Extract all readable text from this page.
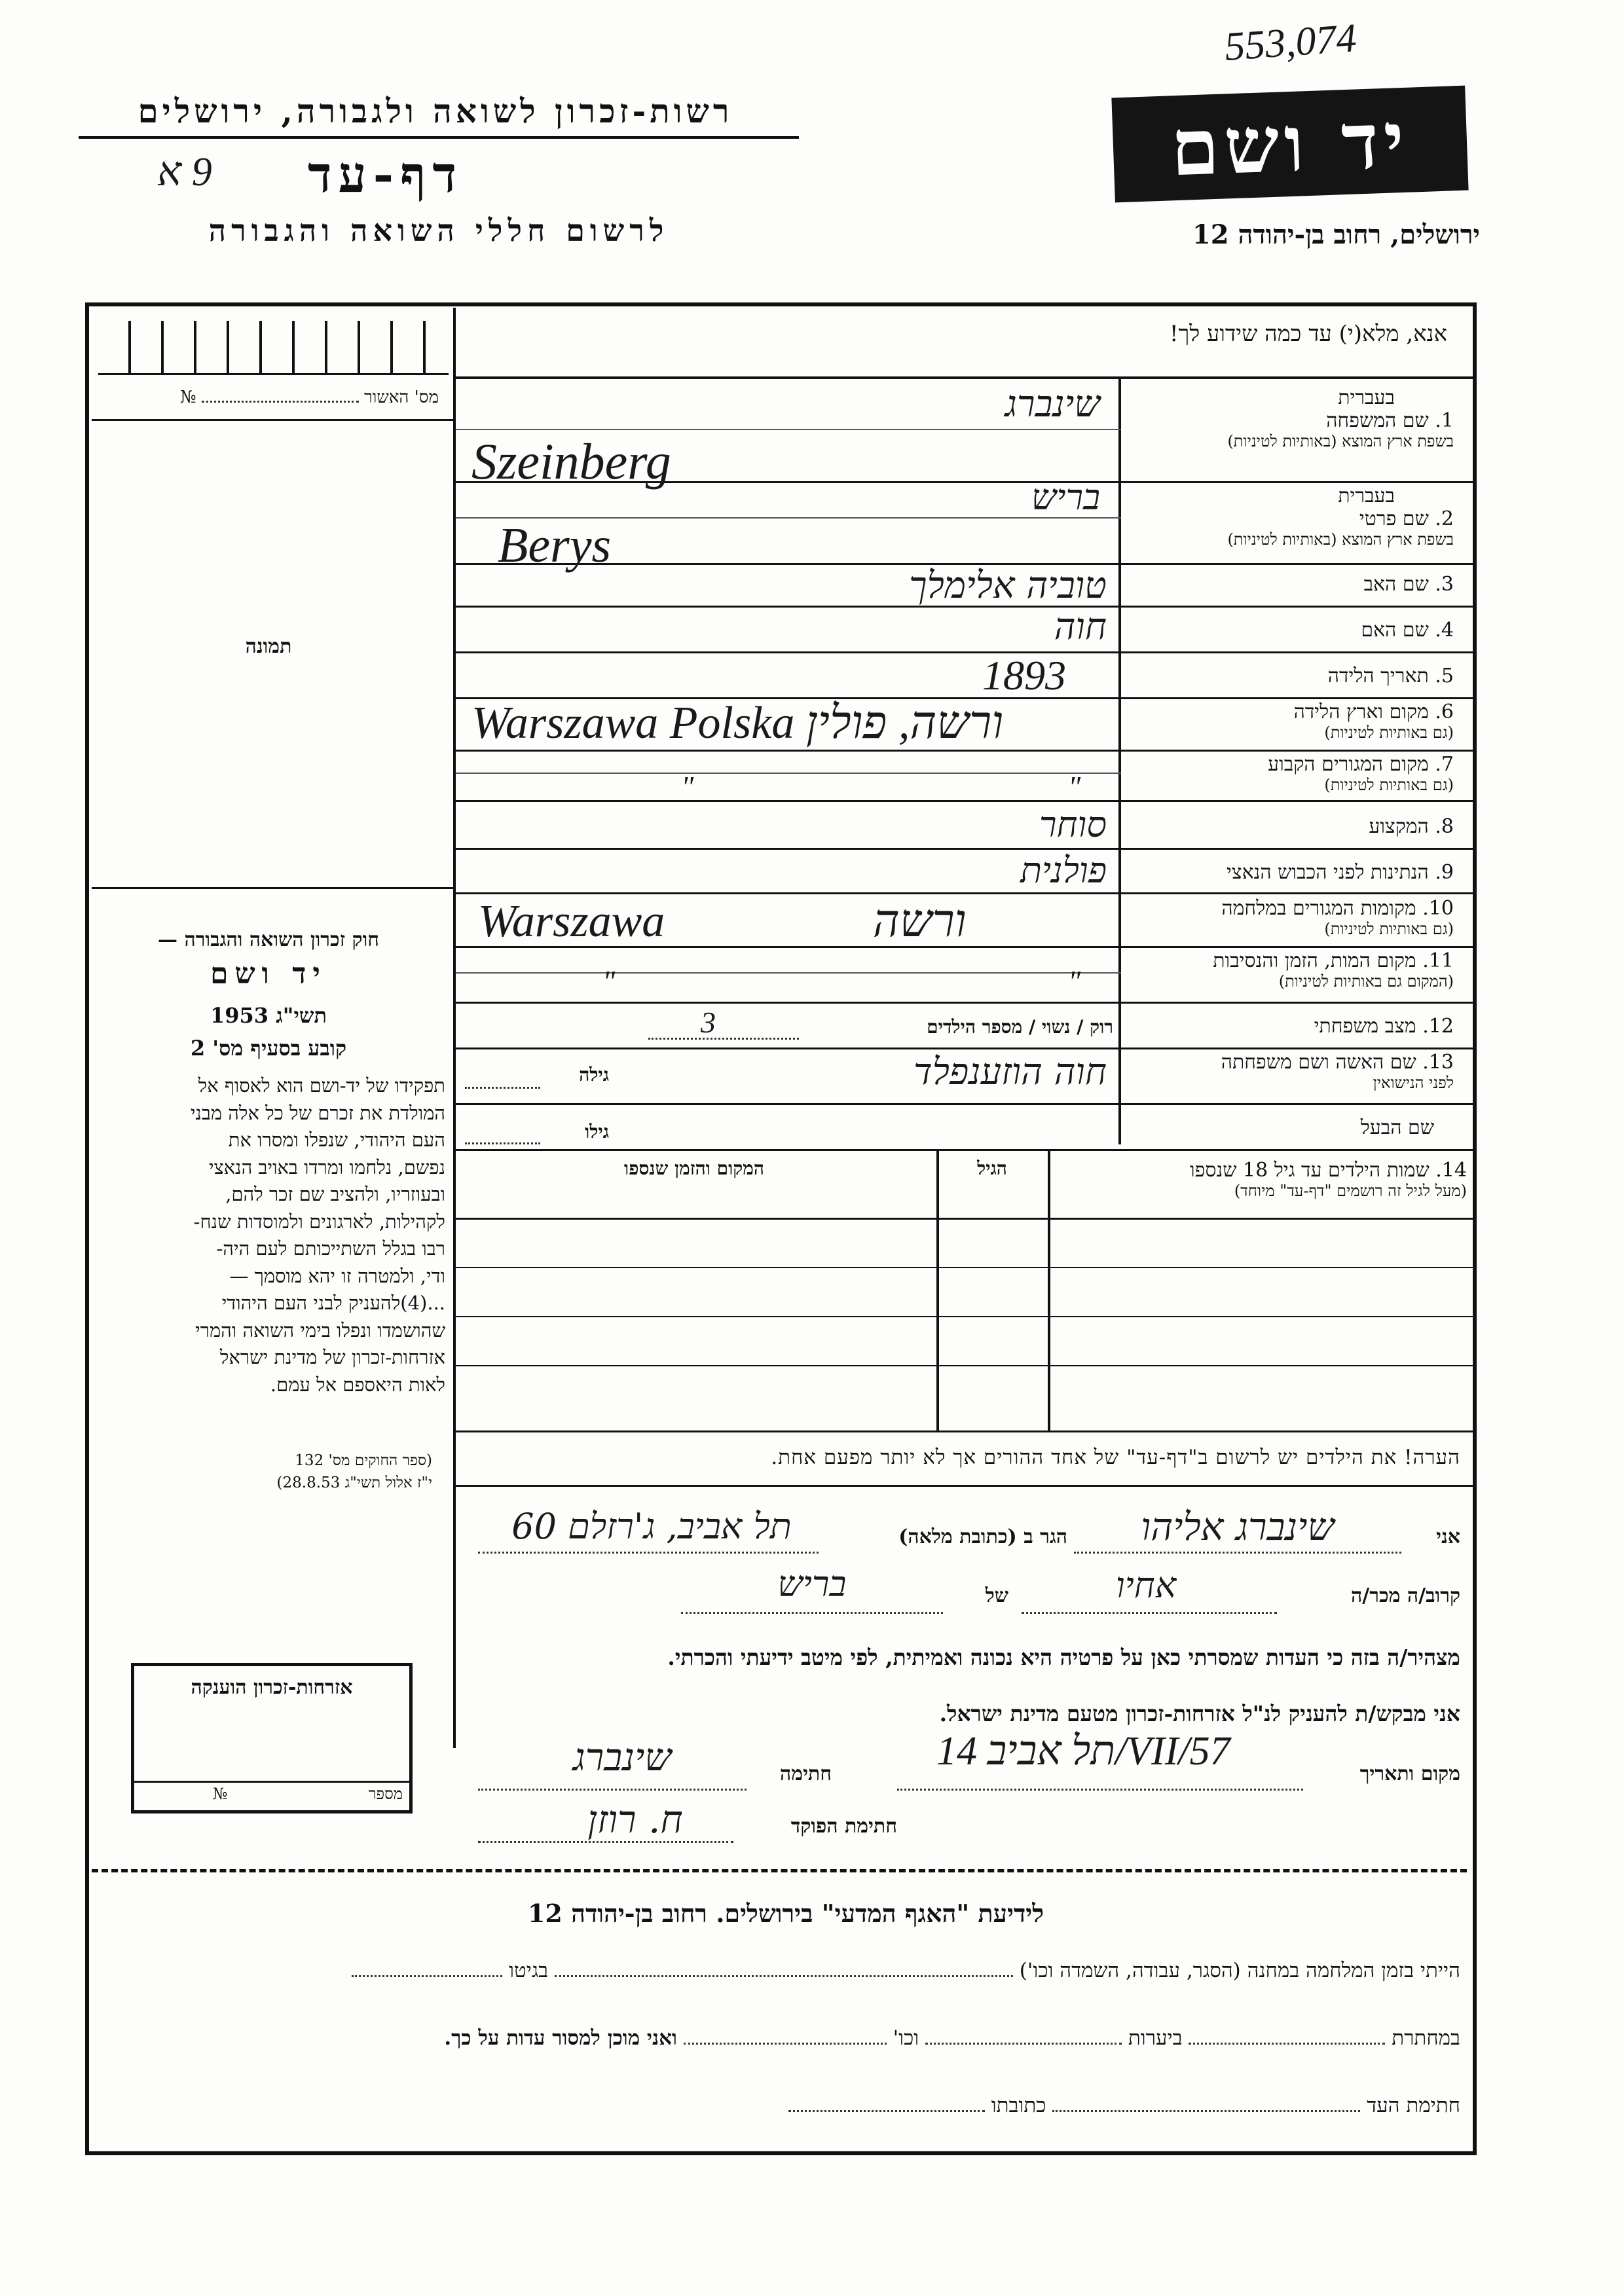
553,074
רשות-זכרון לשואה ולגבורה, ירושלים
9 א דף-עד
לרשום חללי השואה והגבורה
יד ושם
ירושלים, רחוב בן-יהודה 12
אנא, מלא(י) עד כמה שידוע לך!
מס' האשור  №
תמונה
חוק זכרון השואה והגבורה —
יד ושם
תשי"ג 1953
קובע בסעיף מס' 2
תפקידו של יד-ושם הוא לאסוף אל
המולדת את זכרם של כל אלה מבני
העם היהודי, שנפלו ומסרו את
נפשם, נלחמו ומרדו באויב הנאצי
ובעוזריו, ולהציב שם זכר להם,
לקהילות, לארגונים ולמוסדות שנח-
רבו בגלל השתייכותם לעם היה-
ודי, ולמטרה זו יהא מוסמך —
...(4)להעניק לבני העם היהודי
שהושמדו ונפלו בימי השואה והמרי
אזרחות-זכרון של מדינת ישראל
לאות היאספם אל עמם.
(ספר החוקים מס' 132
י"ז אלול תשי"ג 28.8.53)
אזרחות-זכרון הוענקה
מספר  №
בעברית
1. שם המשפחה
בשפת ארץ המוצא (באותיות לטיניות)
שינברג
Szeinberg
בעברית
2. שם פרטי
בשפת ארץ המוצא (באותיות לטיניות)
בריש
Berys
3. שם האב
טוביה אלימלך
4. שם האם
חוה
5. תאריך הלידה
1893
6. מקום וארץ הלידה
(גם באותיות לטיניות)
Warszawa Polska ורשה, פולין
7. מקום המגורים הקבוע
(גם באותיות לטיניות)
" "
8. המקצוע
סוחר
9. הנתינות לפני הכבוש הנאצי
פולנית
10. מקומות המגורים במלחמה
(גם באותיות לטיניות)
Warszawa ורשה
11. מקום המות, הזמן והנסיבות
(המקום גם באותיות לטיניות)
" "
12. מצב משפחתי
רוק / נשוי / מספר הילדים
3
13. שם האשה ושם משפחתה
לפני הנישואין
חוה הוזענפלד
גילה
שם הבעל
גילו
14. שמות הילדים עד גיל 18 שנספו
(מעל לגיל זה רושמים "דף-עד" מיוחד)
הגיל
המקום והזמן שנספו
הערה! את הילדים יש לרשום ב"דף-עד" של אחד ההורים אך לא יותר מפעם אחת.
אני
שינברג אליהו
הגר ב (כתובת מלאה)
תל אביב, ג'רזלם 60
קרוב/ה מכר/ה
אחיו
של
בריש
מצהיר/ה בזה כי העדות שמסרתי כאן על פרטיה היא נכונה ואמיתית, לפי מיטב ידיעתי והכרתי.
אני מבקש/ת להעניק לנ"ל אזרחות-זכרון מטעם מדינת ישראל.
מקום ותאריך
תל אביב 14/VII/57
חתימה
שינברג
חתימת הפוקד
ח. רוזן
לידיעת "האגף המדעי" בירושלים. רחוב בן-יהודה 12
הייתי בזמן המלחמה במחנה (הסגר, עבודה, השמדה וכו')  בגיטו
במחתרת  ביערות  וכו'  ואני מוכן למסור עדות על כך.
חתימת העד  כתובתו
